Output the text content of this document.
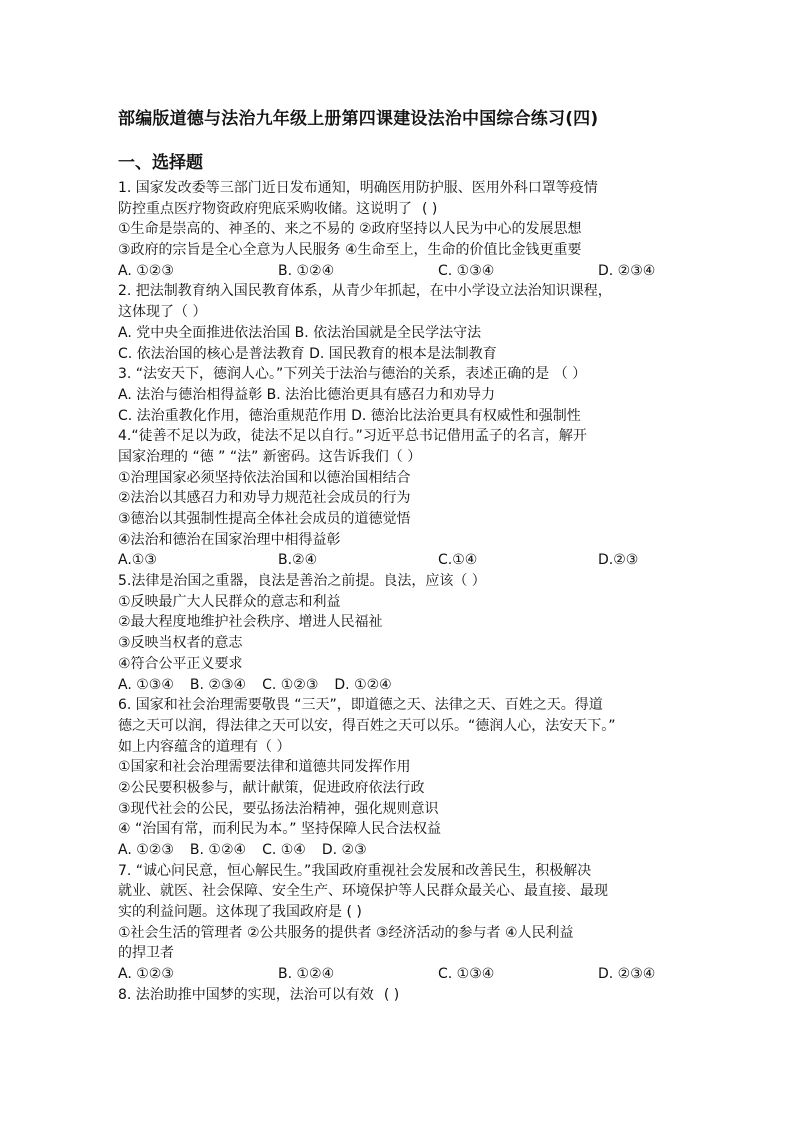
部编版道德与法治九年级上册第四课建设法治中国综合练习(四)
一、选择题
1. 国家发改委等三部门近日发布通知，明确医用防护服、医用外科口罩等疫情
防控重点医疗物资政府兜底采购收储。这说明了 ( )
①生命是崇高的、神圣的、来之不易的 ②政府坚持以人民为中心的发展思想
③政府的宗旨是全心全意为人民服务 ④生命至上，生命的价值比金钱更重要
A. ①②③	B. ①②④	C. ①③④	D. ②③④
2. 把法制教育纳入国民教育体系，从青少年抓起，在中小学设立法治知识课程，
这体现了（ ）
A. 党中央全面推进依法治国 B. 依法治国就是全民学法守法
C. 依法治国的核心是普法教育 D. 国民教育的根本是法制教育
3. “法安天下，德润人心。”下列关于法治与德治的关系，表述正确的是 （ ）
A. 法治与德治相得益彰 B. 法治比德治更具有感召力和劝导力
C. 法治重教化作用，德治重规范作用 D. 德治比法治更具有权威性和强制性
4.“徒善不足以为政，徒法不足以自行。”习近平总书记借用孟子的名言，解开
国家治理的 “德 ” “法” 新密码。这告诉我们（ ）
①治理国家必须坚持依法治国和以德治国相结合
②法治以其感召力和劝导力规范社会成员的行为
③德治以其强制性提高全体社会成员的道德觉悟
④法治和德治在国家治理中相得益彰
A.①③	B.②④	C.①④	D.②③
5.法律是治国之重器，良法是善治之前提。良法，应该（ ）
①反映最广大人民群众的意志和利益
②最大程度地维护社会秩序、增进人民福祉
③反映当权者的意志
④符合公平正义要求
A. ①③④ B. ②③④ C. ①②③ D. ①②④
6. 国家和社会治理需要敬畏 “三天”，即道德之天、法律之天、百姓之天。得道
德之天可以润，得法律之天可以安，得百姓之天可以乐。“德润人心，法安天下。”
如上内容蕴含的道理有（ ）
①国家和社会治理需要法律和道德共同发挥作用
②公民要积极参与，献计献策，促进政府依法行政
③现代社会的公民，要弘扬法治精神，强化规则意识
④ “治国有常，而利民为本。” 坚持保障人民合法权益
A. ①②③ B. ①②④ C. ①④ D. ②③
7. “诚心问民意，恒心解民生。”我国政府重视社会发展和改善民生，积极解决
就业、就医、社会保障、安全生产、环境保护等人民群众最关心、最直接、最现
实的利益问题。这体现了我国政府是 ( )
①社会生活的管理者 ②公共服务的提供者 ③经济活动的参与者 ④人民利益
的捍卫者
A. ①②③	B. ①②④	C. ①③④	D. ②③④
8. 法治助推中国梦的实现，法治可以有效 ( )
